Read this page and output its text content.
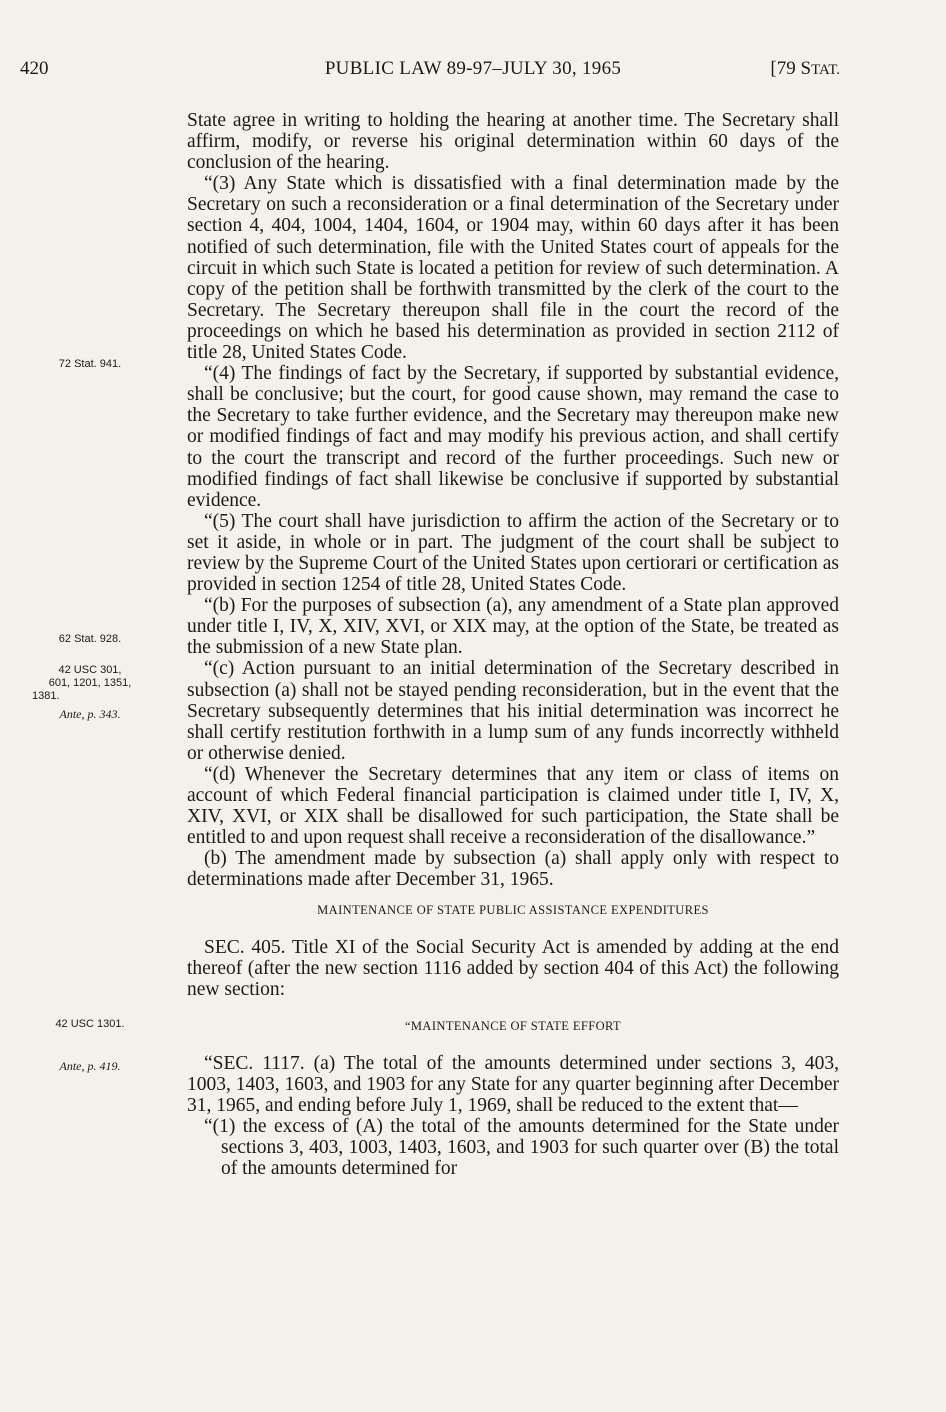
420	PUBLIC LAW 89-97–JULY 30, 1965	[79 STAT.
72 Stat. 941.
62 Stat. 928.
42 USC 301,
601, 1201, 1351,
1381.
Ante, p. 343.
42 USC 1301.
Ante, p. 419.

State agree in writing to holding the hearing at another time. The Secretary shall affirm, modify, or reverse his original determination within 60 days of the conclusion of the hearing.

“(3) Any State which is dissatisfied with a final determination made by the Secretary on such a reconsideration or a final determination of the Secretary under section 4, 404, 1004, 1404, 1604, or 1904 may, within 60 days after it has been notified of such determination, file with the United States court of appeals for the circuit in which such State is located a petition for review of such determination. A copy of the petition shall be forthwith transmitted by the clerk of the court to the Secretary. The Secretary thereupon shall file in the court the record of the proceedings on which he based his determination as provided in section 2112 of title 28, United States Code.

“(4) The findings of fact by the Secretary, if supported by substantial evidence, shall be conclusive; but the court, for good cause shown, may remand the case to the Secretary to take further evidence, and the Secretary may thereupon make new or modified findings of fact and may modify his previous action, and shall certify to the court the transcript and record of the further proceedings. Such new or modified findings of fact shall likewise be conclusive if supported by substantial evidence.

“(5) The court shall have jurisdiction to affirm the action of the Secretary or to set it aside, in whole or in part. The judgment of the court shall be subject to review by the Supreme Court of the United States upon certiorari or certification as provided in section 1254 of title 28, United States Code.

“(b) For the purposes of subsection (a), any amendment of a State plan approved under title I, IV, X, XIV, XVI, or XIX may, at the option of the State, be treated as the submission of a new State plan.

“(c) Action pursuant to an initial determination of the Secretary described in subsection (a) shall not be stayed pending reconsideration, but in the event that the Secretary subsequently determines that his initial determination was incorrect he shall certify restitution forthwith in a lump sum of any funds incorrectly withheld or otherwise denied.

“(d) Whenever the Secretary determines that any item or class of items on account of which Federal financial participation is claimed under title I, IV, X, XIV, XVI, or XIX shall be disallowed for such participation, the State shall be entitled to and upon request shall receive a reconsideration of the disallowance.”

(b) The amendment made by subsection (a) shall apply only with respect to determinations made after December 31, 1965.

MAINTENANCE OF STATE PUBLIC ASSISTANCE EXPENDITURES

SEC. 405. Title XI of the Social Security Act is amended by adding at the end thereof (after the new section 1116 added by section 404 of this Act) the following new section:

“MAINTENANCE OF STATE EFFORT

“SEC. 1117. (a) The total of the amounts determined under sections 3, 403, 1003, 1403, 1603, and 1903 for any State for any quarter beginning after December 31, 1965, and ending before July 1, 1969, shall be reduced to the extent that—

“(1) the excess of (A) the total of the amounts determined for the State under sections 3, 403, 1003, 1403, 1603, and 1903 for such quarter over (B) the total of the amounts determined for
